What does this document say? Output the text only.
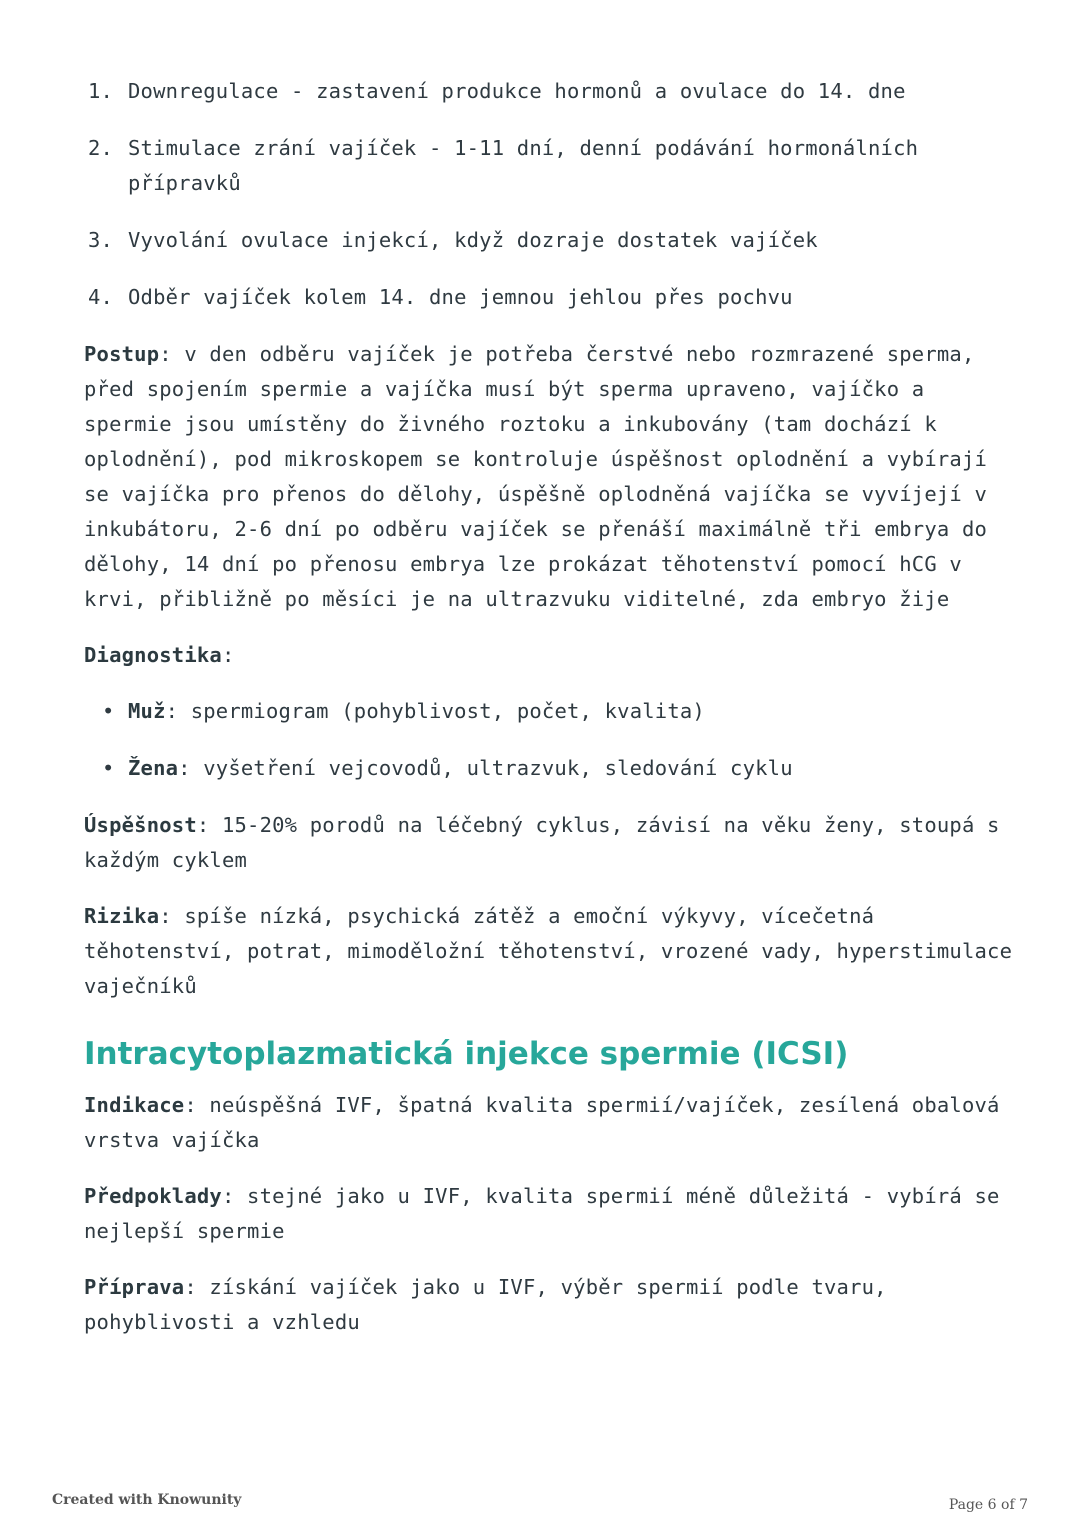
1. Downregulace - zastavení produkce hormonů a ovulace do 14. dne
2. Stimulace zrání vajíček - 1-11 dní, denní podávání hormonálních přípravků
3. Vyvolání ovulace injekcí, když dozraje dostatek vajíček
4. Odběr vajíček kolem 14. dne jemnou jehlou přes pochvu

Postup: v den odběru vajíček je potřeba čerstvé nebo rozmrazené sperma, před spojením spermie a vajíčka musí být sperma upraveno, vajíčko a spermie jsou umístěny do živného roztoku a inkubovány (tam dochází k oplodnění), pod mikroskopem se kontroluje úspěšnost oplodnění a vybírají se vajíčka pro přenos do dělohy, úspěšně oplodněná vajíčka se vyvíjejí v inkubátoru, 2-6 dní po odběru vajíček se přenáší maximálně tři embrya do dělohy, 14 dní po přenosu embrya lze prokázat těhotenství pomocí hCG v krvi, přibližně po měsíci je na ultrazvuku viditelné, zda embryo žije

Diagnostika:

• Muž: spermiogram (pohyblivost, počet, kvalita)
• Žena: vyšetření vejcovodů, ultrazvuk, sledování cyklu

Úspěšnost: 15-20% porodů na léčebný cyklus, závisí na věku ženy, stoupá s každým cyklem

Rizika: spíše nízká, psychická zátěž a emoční výkyvy, vícečetná těhotenství, potrat, mimoděložní těhotenství, vrozené vady, hyperstimulace vaječníků

Intracytoplazmatická injekce spermie (ICSI)

Indikace: neúspěšná IVF, špatná kvalita spermií/vajíček, zesílená obalová vrstva vajíčka

Předpoklady: stejné jako u IVF, kvalita spermií méně důležitá - vybírá se nejlepší spermie

Příprava: získání vajíček jako u IVF, výběr spermií podle tvaru, pohyblivosti a vzhledu

Created with Knowunity	Page 6 of 7
